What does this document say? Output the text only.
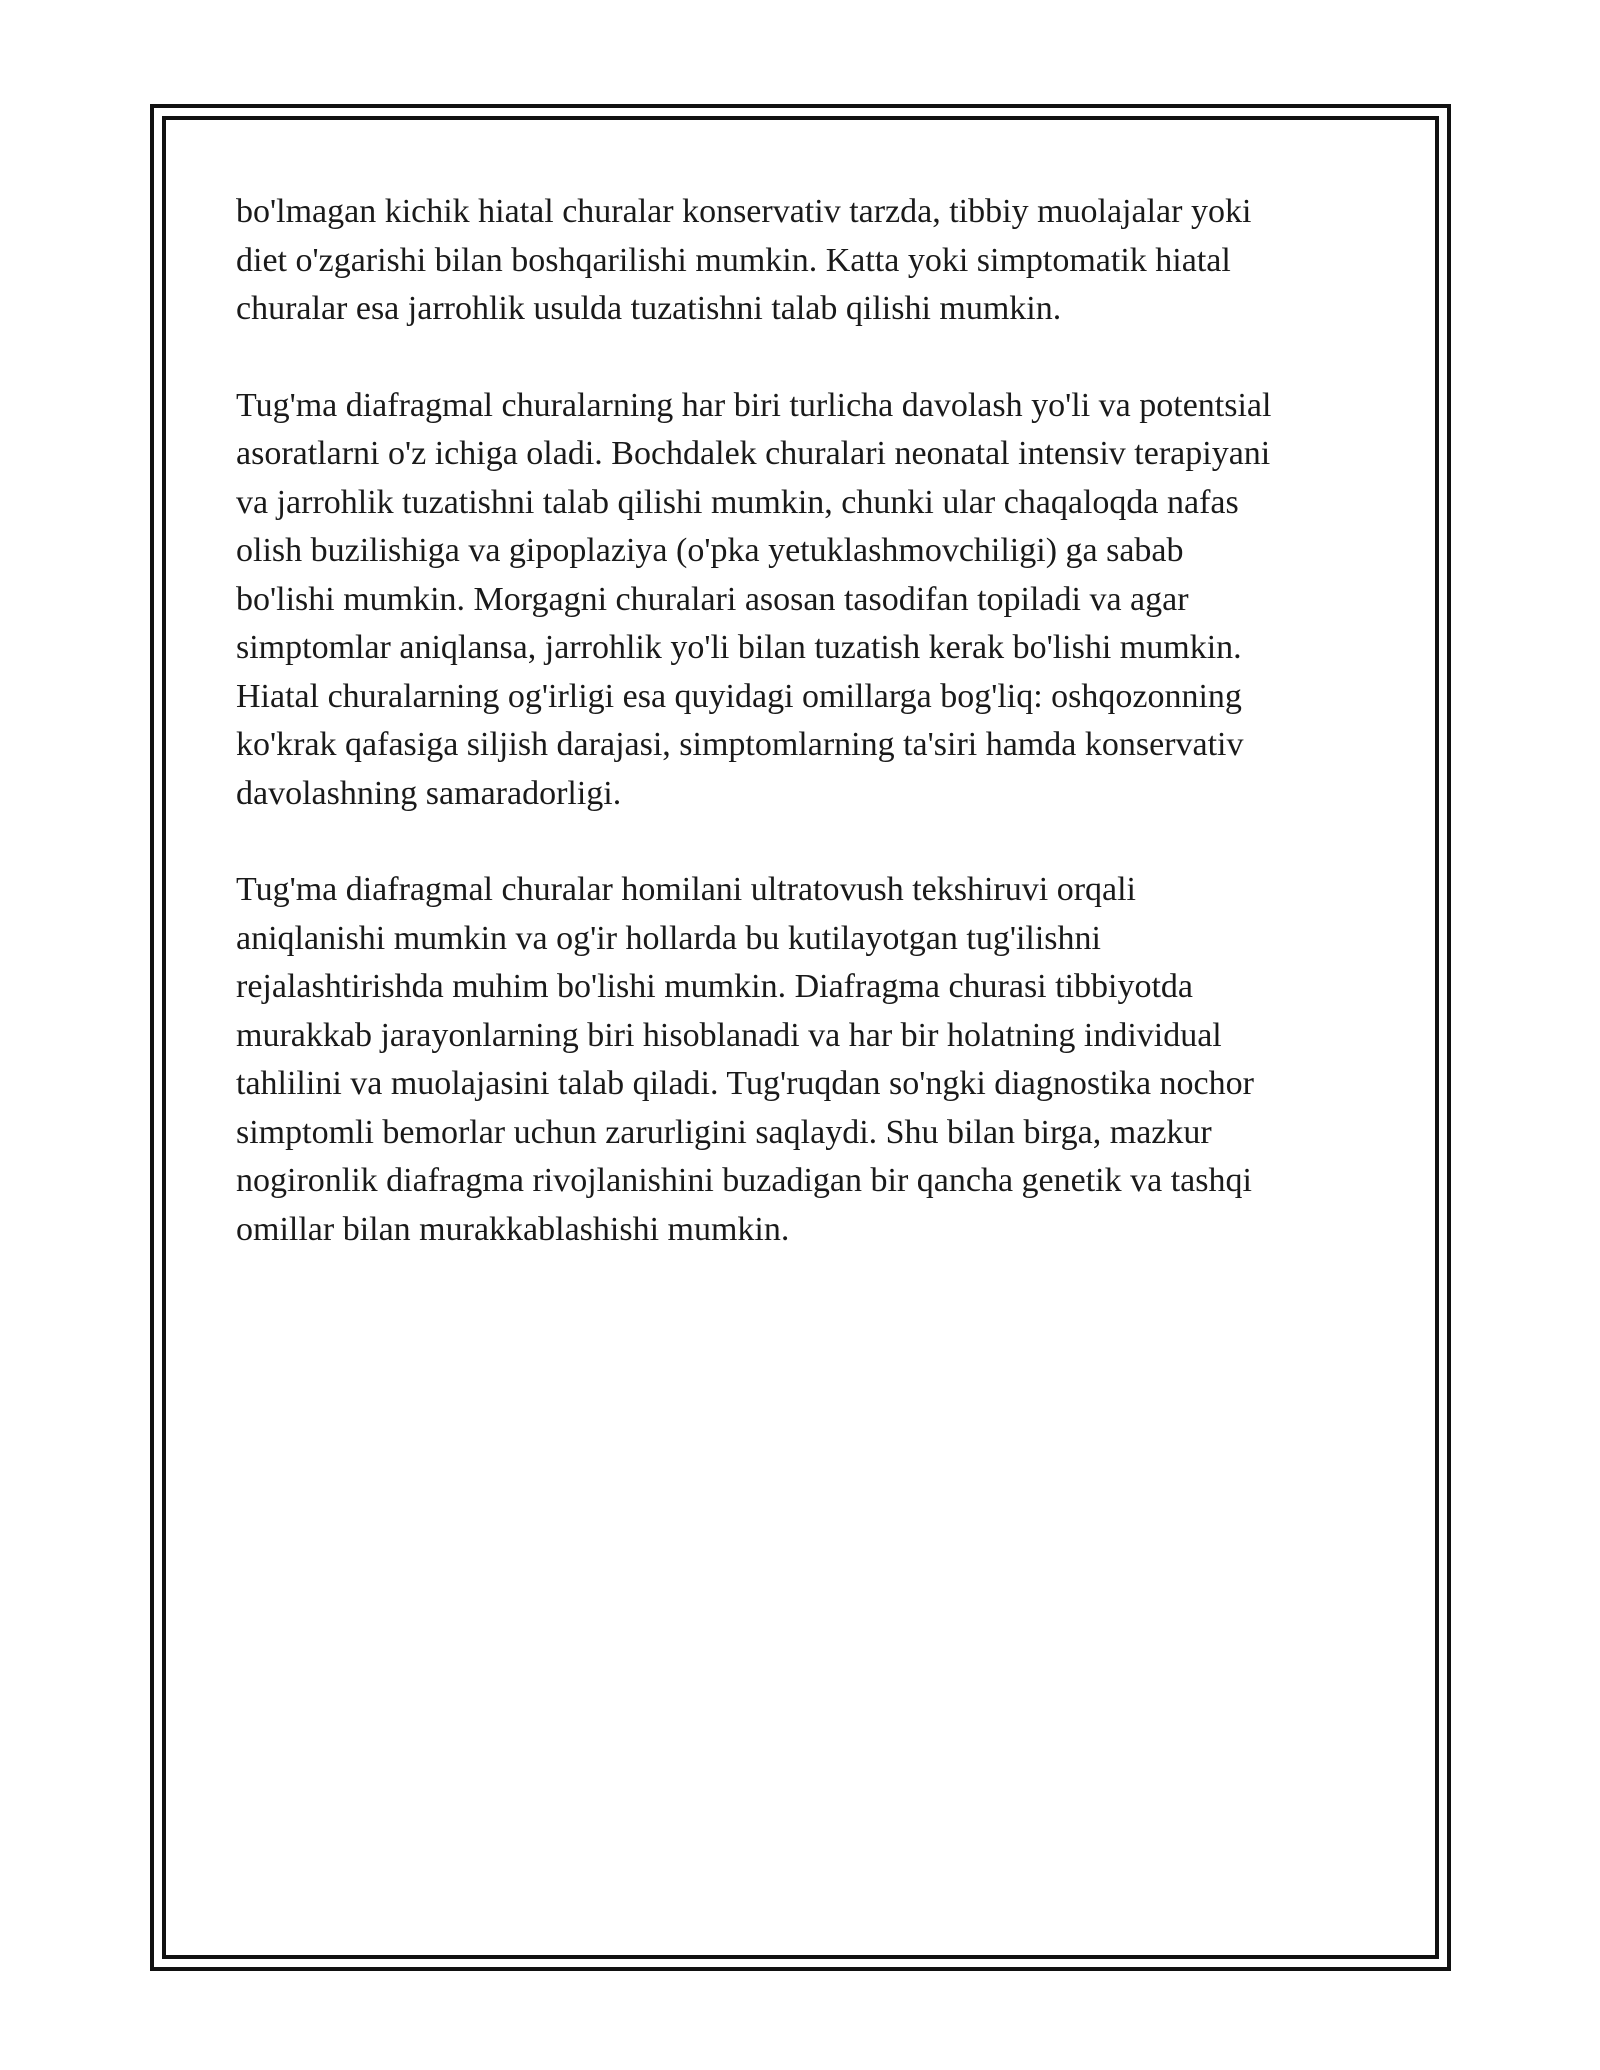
bo'lmagan kichik hiatal churalar konservativ tarzda, tibbiy muolajalar yoki
diet o'zgarishi bilan boshqarilishi mumkin. Katta yoki simptomatik hiatal
churalar esa jarrohlik usulda tuzatishni talab qilishi mumkin.

Tug'ma diafragmal churalarning har biri turlicha davolash yo'li va potentsial
asoratlarni o'z ichiga oladi. Bochdalek churalari neonatal intensiv terapiyani
va jarrohlik tuzatishni talab qilishi mumkin, chunki ular chaqaloqda nafas
olish buzilishiga va gipoplaziya (o'pka yetuklashmovchiligi) ga sabab
bo'lishi mumkin. Morgagni churalari asosan tasodifan topiladi va agar
simptomlar aniqlansa, jarrohlik yo'li bilan tuzatish kerak bo'lishi mumkin.
Hiatal churalarning og'irligi esa quyidagi omillarga bog'liq: oshqozonning
ko'krak qafasiga siljish darajasi, simptomlarning ta'siri hamda konservativ
davolashning samaradorligi.

Tug'ma diafragmal churalar homilani ultratovush tekshiruvi orqali
aniqlanishi mumkin va og'ir hollarda bu kutilayotgan tug'ilishni
rejalashtirishda muhim bo'lishi mumkin. Diafragma churasi tibbiyotda
murakkab jarayonlarning biri hisoblanadi va har bir holatning individual
tahlilini va muolajasini talab qiladi. Tug'ruqdan so'ngki diagnostika nochor
simptomli bemorlar uchun zarurligini saqlaydi. Shu bilan birga, mazkur
nogironlik diafragma rivojlanishini buzadigan bir qancha genetik va tashqi
omillar bilan murakkablashishi mumkin.
